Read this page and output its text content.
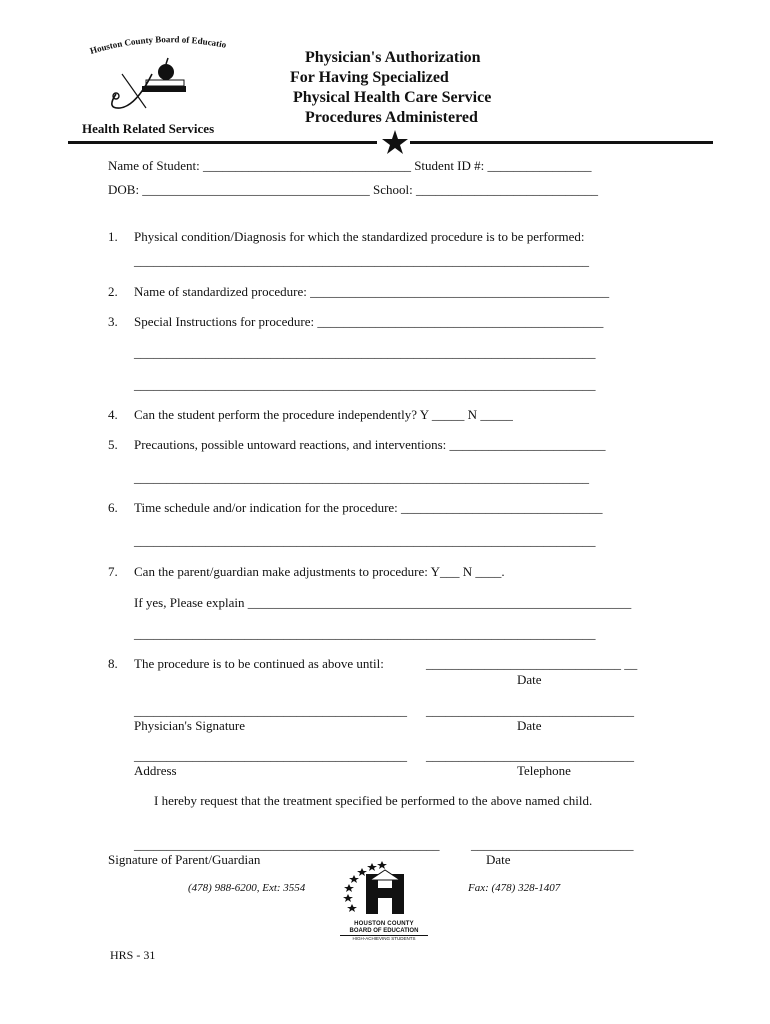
Houston County Board of Educatio
Health Related Services
Physician's Authorization
For Having Specialized
Physical Health Care Service
Procedures Administered
Name of Student: ________________________________ Student ID #: ________________
DOB: ___________________________________ School: ____________________________
1. Physical condition/Diagnosis for which the standardized procedure is to be performed:
______________________________________________________________________
2. Name of standardized procedure: ______________________________________________
3. Special Instructions for procedure: ____________________________________________
_______________________________________________________________________
_______________________________________________________________________
4. Can the student perform the procedure independently? Y _____ N _____
5. Precautions, possible untoward reactions, and interventions: ________________________
______________________________________________________________________
6. Time schedule and/or indication for the procedure: _______________________________
_______________________________________________________________________
7. Can the parent/guardian make adjustments to procedure: Y___ N ____.
If yes, Please explain ___________________________________________________________
_______________________________________________________________________
8. The procedure is to be continued as above until:	______________________________ __
Date
__________________________________________ ________________________________
Physician's Signature	Date
__________________________________________ ________________________________
Address	Telephone
I hereby request that the treatment specified be performed to the above named child.
_______________________________________________ _________________________
Signature of Parent/Guardian	Date
(478) 988-6200, Ext: 3554	Fax: (478) 328-1407
HOUSTON COUNTY
BOARD OF EDUCATION
HIGH-ACHIEVING STUDENTS
HRS - 31
